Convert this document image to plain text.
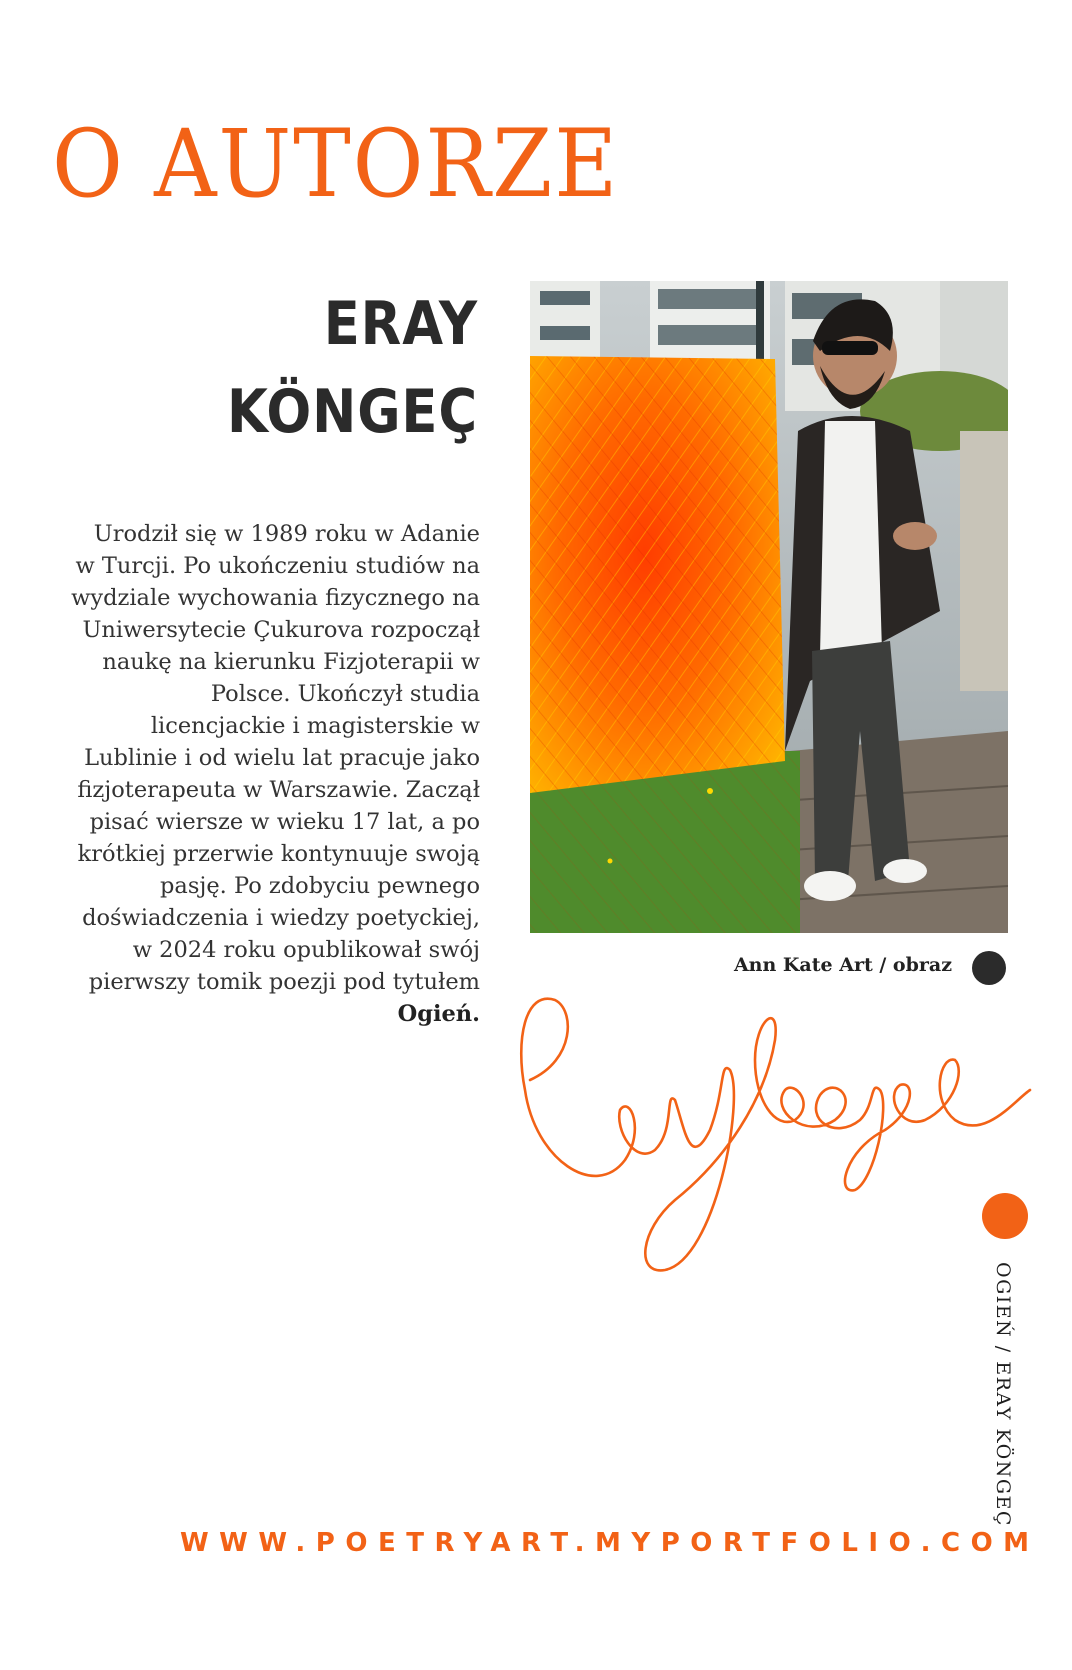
O AUTORZE
ERAY
KÖNGEÇ

Urodził się w 1989 roku w Adanie w Turcji. Po ukończeniu studiów na wydziale wychowania fizycznego na Uniwersytecie Çukurova rozpoczął naukę na kierunku Fizjoterapii w Polsce. Ukończył studia licencjackie i magisterskie w Lublinie i od wielu lat pracuje jako fizjoterapeuta w Warszawie. Zaczął pisać wiersze w wieku 17 lat, a po krótkiej przerwie kontynuuje swoją pasję. Po zdobyciu pewnego doświadczenia i wiedzy poetyckiej, w 2024 roku opublikował swój pierwszy tomik poezji pod tytułem Ogień.

Ann Kate Art / obraz
OGIEŃ / ERAY KÖNGEÇ
WWW.POETRYART.MYPORTFOLIO.COM
